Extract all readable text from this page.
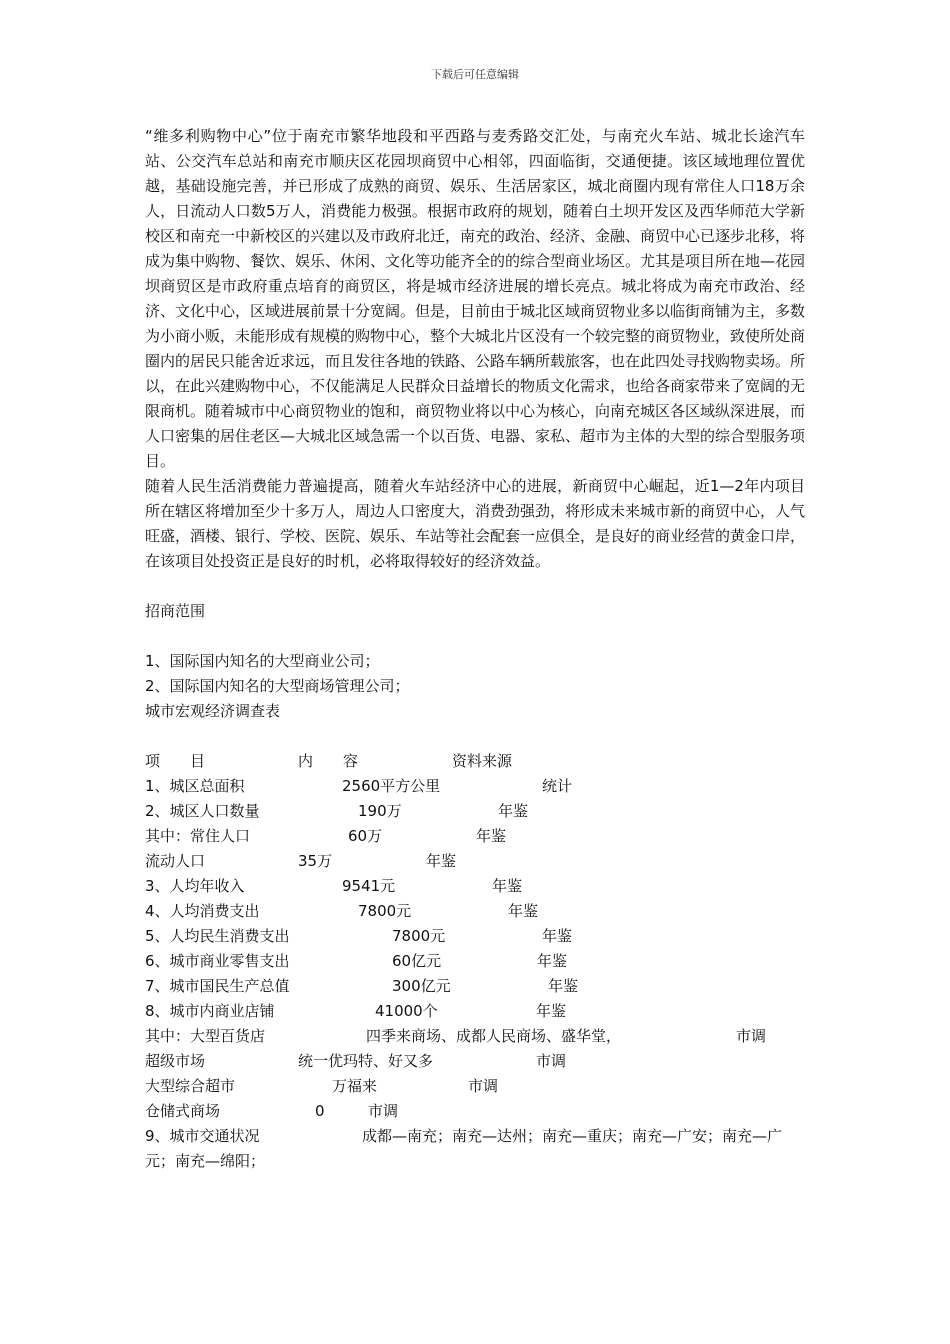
下载后可任意编辑

“维多利购物中心”位于南充市繁华地段和平西路与麦秀路交汇处，与南充火车站、城北长途汽车站、公交汽车总站和南充市顺庆区花园坝商贸中心相邻，四面临街，交通便捷。该区域地理位置优越，基础设施完善，并已形成了成熟的商贸、娱乐、生活居家区，城北商圈内现有常住人口18万余人，日流动人口数5万人，消费能力极强。根据市政府的规划，随着白土坝开发区及西华师范大学新校区和南充一中新校区的兴建以及市政府北迁，南充的政治、经济、金融、商贸中心已逐步北移，将成为集中购物、餐饮、娱乐、休闲、文化等功能齐全的的综合型商业场区。尤其是项目所在地—花园坝商贸区是市政府重点培育的商贸区，将是城市经济进展的增长亮点。城北将成为南充市政治、经济、文化中心，区域进展前景十分宽阔。但是，目前由于城北区域商贸物业多以临街商铺为主，多数为小商小贩，未能形成有规模的购物中心，整个大城北片区没有一个较完整的商贸物业，致使所处商圈内的居民只能舍近求远，而且发往各地的铁路、公路车辆所载旅客，也在此四处寻找购物卖场。所以，在此兴建购物中心，不仅能满足人民群众日益增长的物质文化需求，也给各商家带来了宽阔的无限商机。随着城市中心商贸物业的饱和，商贸物业将以中心为核心，向南充城区各区域纵深进展，而人口密集的居住老区—大城北区域急需一个以百货、电器、家私、超市为主体的大型的综合型服务项目。

随着人民生活消费能力普遍提高，随着火车站经济中心的进展，新商贸中心崛起，近1—2年内项目所在辖区将增加至少十多万人，周边人口密度大，消费劲强劲，将形成未来城市新的商贸中心，人气旺盛，酒楼、银行、学校、医院、娱乐、车站等社会配套一应俱全，是良好的商业经营的黄金口岸，在该项目处投资正是良好的时机，必将取得较好的经济效益。

招商范围
1、国际国内知名的大型商业公司；
2、国际国内知名的大型商场管理公司；
城市宏观经济调查表
项　　目	内　　容	资料来源
1、城区总面积	2560平方公里	统计
2、城区人口数量	190万	年鉴
其中：常住人口	60万	年鉴
流动人口	35万	年鉴
3、人均年收入	9541元	年鉴
4、人均消费支出	7800元	年鉴
5、人均民生消费支出	7800元	年鉴
6、城市商业零售支出	60亿元	年鉴
7、城市国民生产总值	300亿元	年鉴
8、城市内商业店铺	41000个	年鉴
其中：大型百货店	四季来商场、成都人民商场、盛华堂，	市调
超级市场	统一优玛特、好又多	市调
大型综合超市	万福来	市调
仓储式商场	0	市调
9、城市交通状况	成都—南充；南充—达州；南充—重庆；南充—广安；南充—广元；南充—绵阳；
